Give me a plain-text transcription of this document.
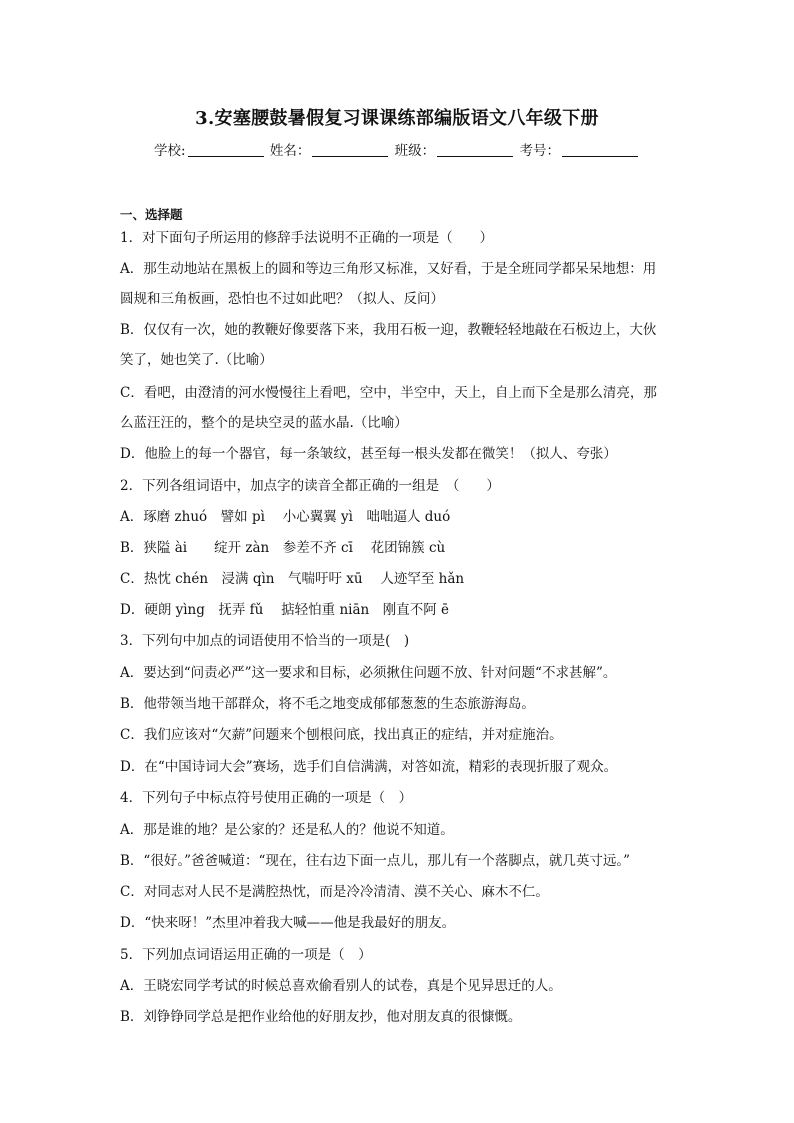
3.安塞腰鼓暑假复习课课练部编版语文八年级下册
学校:	姓名：	班级：	考号：
一、选择题
1．对下面句子所运用的修辞手法说明不正确的一项是（　　）
A．那生动地站在黑板上的圆和等边三角形又标准，又好看，于是全班同学都呆呆地想：用
圆规和三角板画，恐怕也不过如此吧？（拟人、反问）
B．仅仅有一次，她的教鞭好像要落下来，我用石板一迎，教鞭轻轻地敲在石板边上，大伙
笑了，她也笑了.（比喻）
C．看吧，由澄清的河水慢慢往上看吧，空中，半空中，天上，自上而下全是那么清亮，那
么蓝汪汪的，整个的是块空灵的蓝水晶.（比喻）
D．他脸上的每一个器官，每一条皱纹，甚至每一根头发都在微笑！（拟人、夸张）
2．下列各组词语中，加点字的读音全都正确的一组是　（　　）
A．琢磨 zhuó　譬如 pì　 小心翼翼 yì　咄咄逼人 duó
B．狭隘 ài　　绽开 zàn　参差不齐 cī　 花团锦簇 cù
C．热忱 chén　浸满 qìn　气喘吁吁 xū　 人迹罕至 hǎn
D．硬朗 yìng　抚弄 fǔ　 掂轻怕重 niān　刚直不阿 ē
3．下列句中加点的词语使用不恰当的一项是(　)
A．要达到“问责必严”这一要求和目标，必须揪住问题不放、针对问题“不求甚解”。
B．他带领当地干部群众，将不毛之地变成郁郁葱葱的生态旅游海岛。
C．我们应该对“欠薪”问题来个刨根问底，找出真正的症结，并对症施治。
D．在“中国诗词大会”赛场，选手们自信满满，对答如流，精彩的表现折服了观众。
4．下列句子中标点符号使用正确的一项是（　）
A．那是谁的地？是公家的？还是私人的？他说不知道。
B．“很好。”爸爸喊道：“现在，往右边下面一点儿，那儿有一个落脚点，就几英寸远。”
C．对同志对人民不是满腔热忱，而是冷冷清清、漠不关心、麻木不仁。
D．“快来呀！”杰里冲着我大喊——他是我最好的朋友。
5．下列加点词语运用正确的一项是（　）
A．王晓宏同学考试的时候总喜欢偷看别人的试卷，真是个见异思迁的人。
B．刘铮铮同学总是把作业给他的好朋友抄，他对朋友真的很慷慨。
